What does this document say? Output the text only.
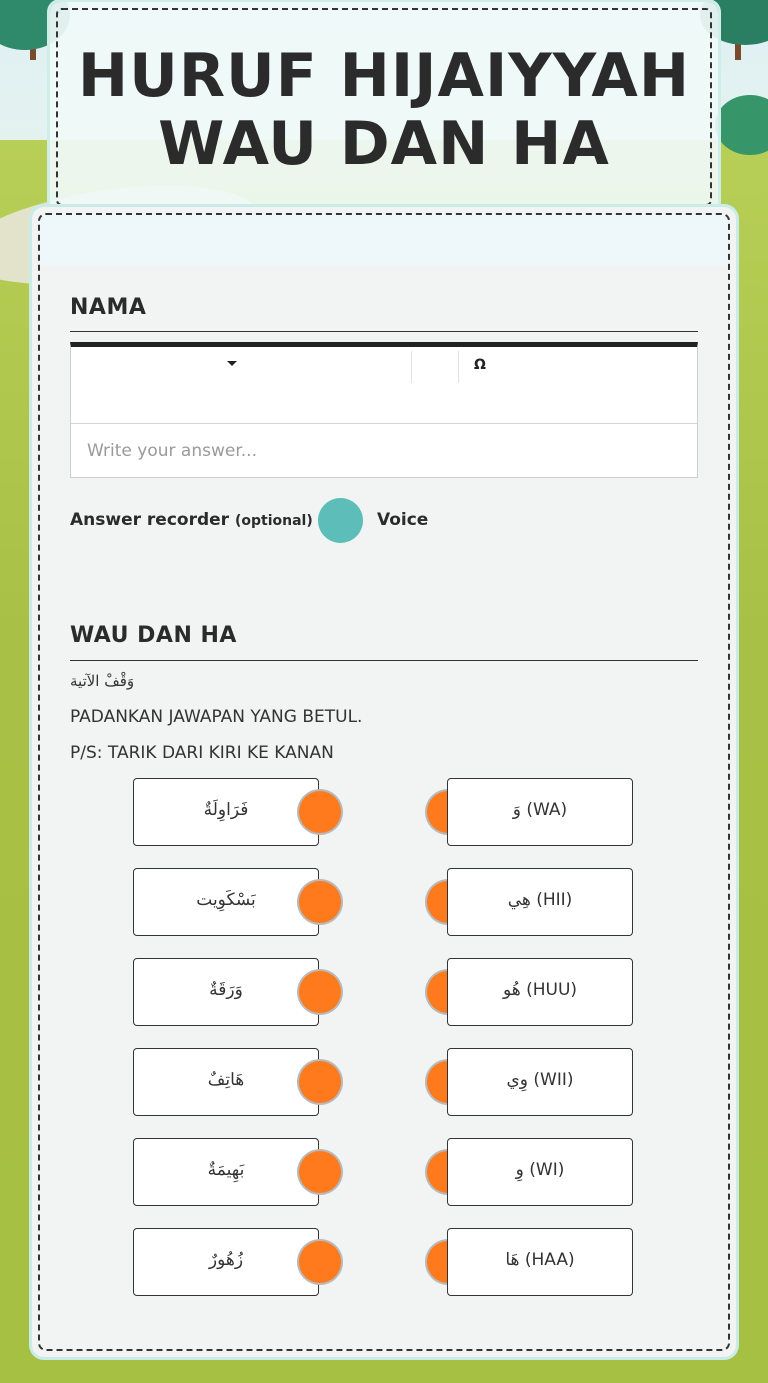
HURUF HIJAIYYAH
WAU DAN HA
NAMA
Ω
Write your answer...
Answer recorder (optional)	Voice
WAU DAN HA
وَقْفْ الآتية
PADANKAN JAWAPAN YANG BETUL.
P/S: TARIK DARI KIRI KE KANAN
فَرَاوِلَةٌ	وَ (WA)
بَسْكَوِيت	هِي (HII)
وَرَقَةٌ	هُو (HUU)
هَاتِفٌ	وِي (WII)
بَهِيمَةٌ	وِ (WI)
زُهُورٌ	هَا (HAA)
